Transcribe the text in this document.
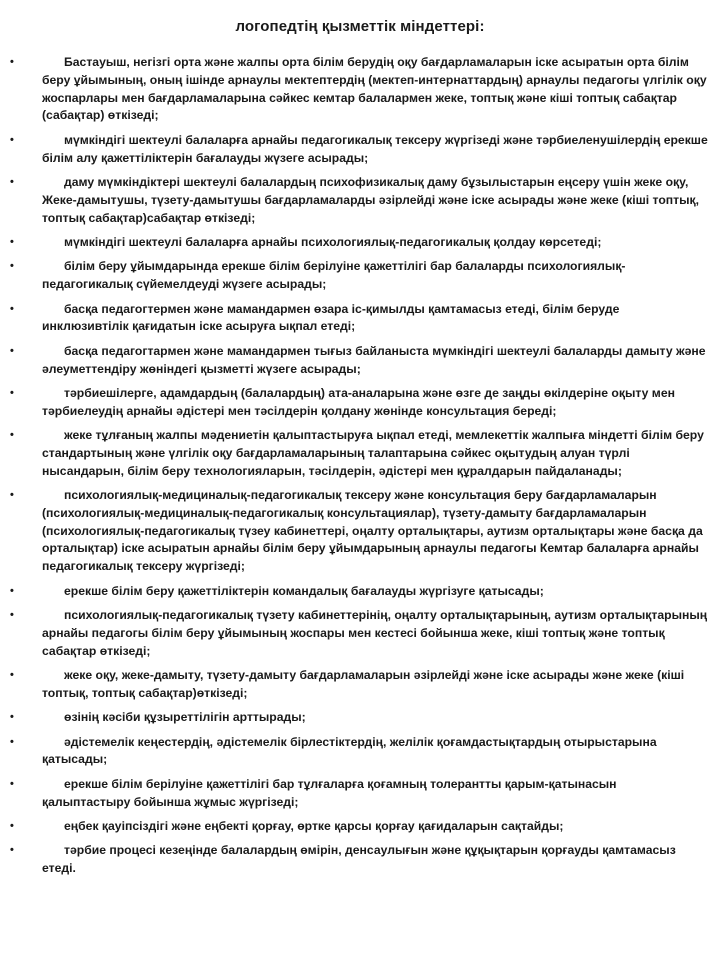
логопедтің қызметтік міндеттері:
•	Бастауыш, негізгі орта және жалпы орта білім берудің оқу бағдарламаларын іске асыратын орта білім беру ұйымының, оның ішінде арнаулы мектептердің (мектеп-интернаттардың) арнаулы педагогы үлгілік оқу жоспарлары мен бағдарламаларына сәйкес кемтар балалармен жеке, топтық және кіші топтық сабақтар (сабақтар) өткізеді;
•	мүмкіндігі шектеулі балаларға арнайы педагогикалық тексеру жүргізеді және тәрбиеленушілердің ерекше білім алу қажеттіліктерін бағалауды жүзеге асырады;
•	даму мүмкіндіктері шектеулі балалардың психофизикалық даму бұзылыстарын еңсеру үшін жеке оқу, Жеке-дамытушы, түзету-дамытушы бағдарламаларды әзірлейді және іске асырады және жеке (кіші топтық, топтық сабақтар)сабақтар өткізеді;
•	мүмкіндігі шектеулі балаларға арнайы психологиялық-педагогикалық қолдау көрсетеді;
•	білім беру ұйымдарында ерекше білім берілуіне қажеттілігі бар балаларды психологиялық-педагогикалық сүйемелдеуді жүзеге асырады;
•	басқа педагогтермен және мамандармен өзара іс-қимылды қамтамасыз етеді, білім беруде инклюзивтілік қағидатын іске асыруға ықпал етеді;
•	басқа педагогтармен және мамандармен тығыз байланыста мүмкіндігі шектеулі балаларды дамыту және әлеуметтендіру жөніндегі қызметті жүзеге асырады;
•	тәрбиешілерге, адамдардың (балалардың) ата-аналарына және өзге де заңды өкілдеріне оқыту мен тәрбиелеудің арнайы әдістері мен тәсілдерін қолдану жөнінде консультация береді;
•	жеке тұлғаның жалпы мәдениетін қалыптастыруға ықпал етеді, мемлекеттік жалпыға міндетті білім беру стандартының және үлгілік оқу бағдарламаларының талаптарына сәйкес оқытудың алуан түрлі нысандарын, білім беру технологияларын, тәсілдерін, әдістері мен құралдарын пайдаланады;
•	психологиялық-медициналық-педагогикалық тексеру және консультация беру бағдарламаларын (психологиялық-медициналық-педагогикалық консультациялар), түзету-дамыту бағдарламаларын (психологиялық-педагогикалық түзеу кабинеттері, оңалту орталықтары, аутизм орталықтары және басқа да орталықтар) іске асыратын арнайы білім беру ұйымдарының арнаулы педагогы Кемтар балаларға арнайы педагогикалық тексеру жүргізеді;
•	ерекше білім беру қажеттіліктерін командалық бағалауды жүргізуге қатысады;
•	психологиялық-педагогикалық түзету кабинеттерінің, оңалту орталықтарының, аутизм орталықтарының арнайы педагогы білім беру ұйымының жоспары мен кестесі бойынша жеке, кіші топтық және топтық сабақтар өткізеді;
•	жеке оқу, жеке-дамыту, түзету-дамыту бағдарламаларын әзірлейді және іске асырады және жеке (кіші топтық, топтық сабақтар)өткізеді;
•	өзінің кәсіби құзыреттілігін арттырады;
•	әдістемелік кеңестердің, әдістемелік бірлестіктердің, желілік қоғамдастықтардың отырыстарына қатысады;
•	ерекше білім берілуіне қажеттілігі бар тұлғаларға қоғамның толерантты қарым-қатынасын қалыптастыру бойынша жұмыс жүргізеді;
•	еңбек қауіпсіздігі және еңбекті қорғау, өртке қарсы қорғау қағидаларын сақтайды;
•	тәрбие процесі кезеңінде балалардың өмірін, денсаулығын және құқықтарын қорғауды қамтамасыз етеді.
